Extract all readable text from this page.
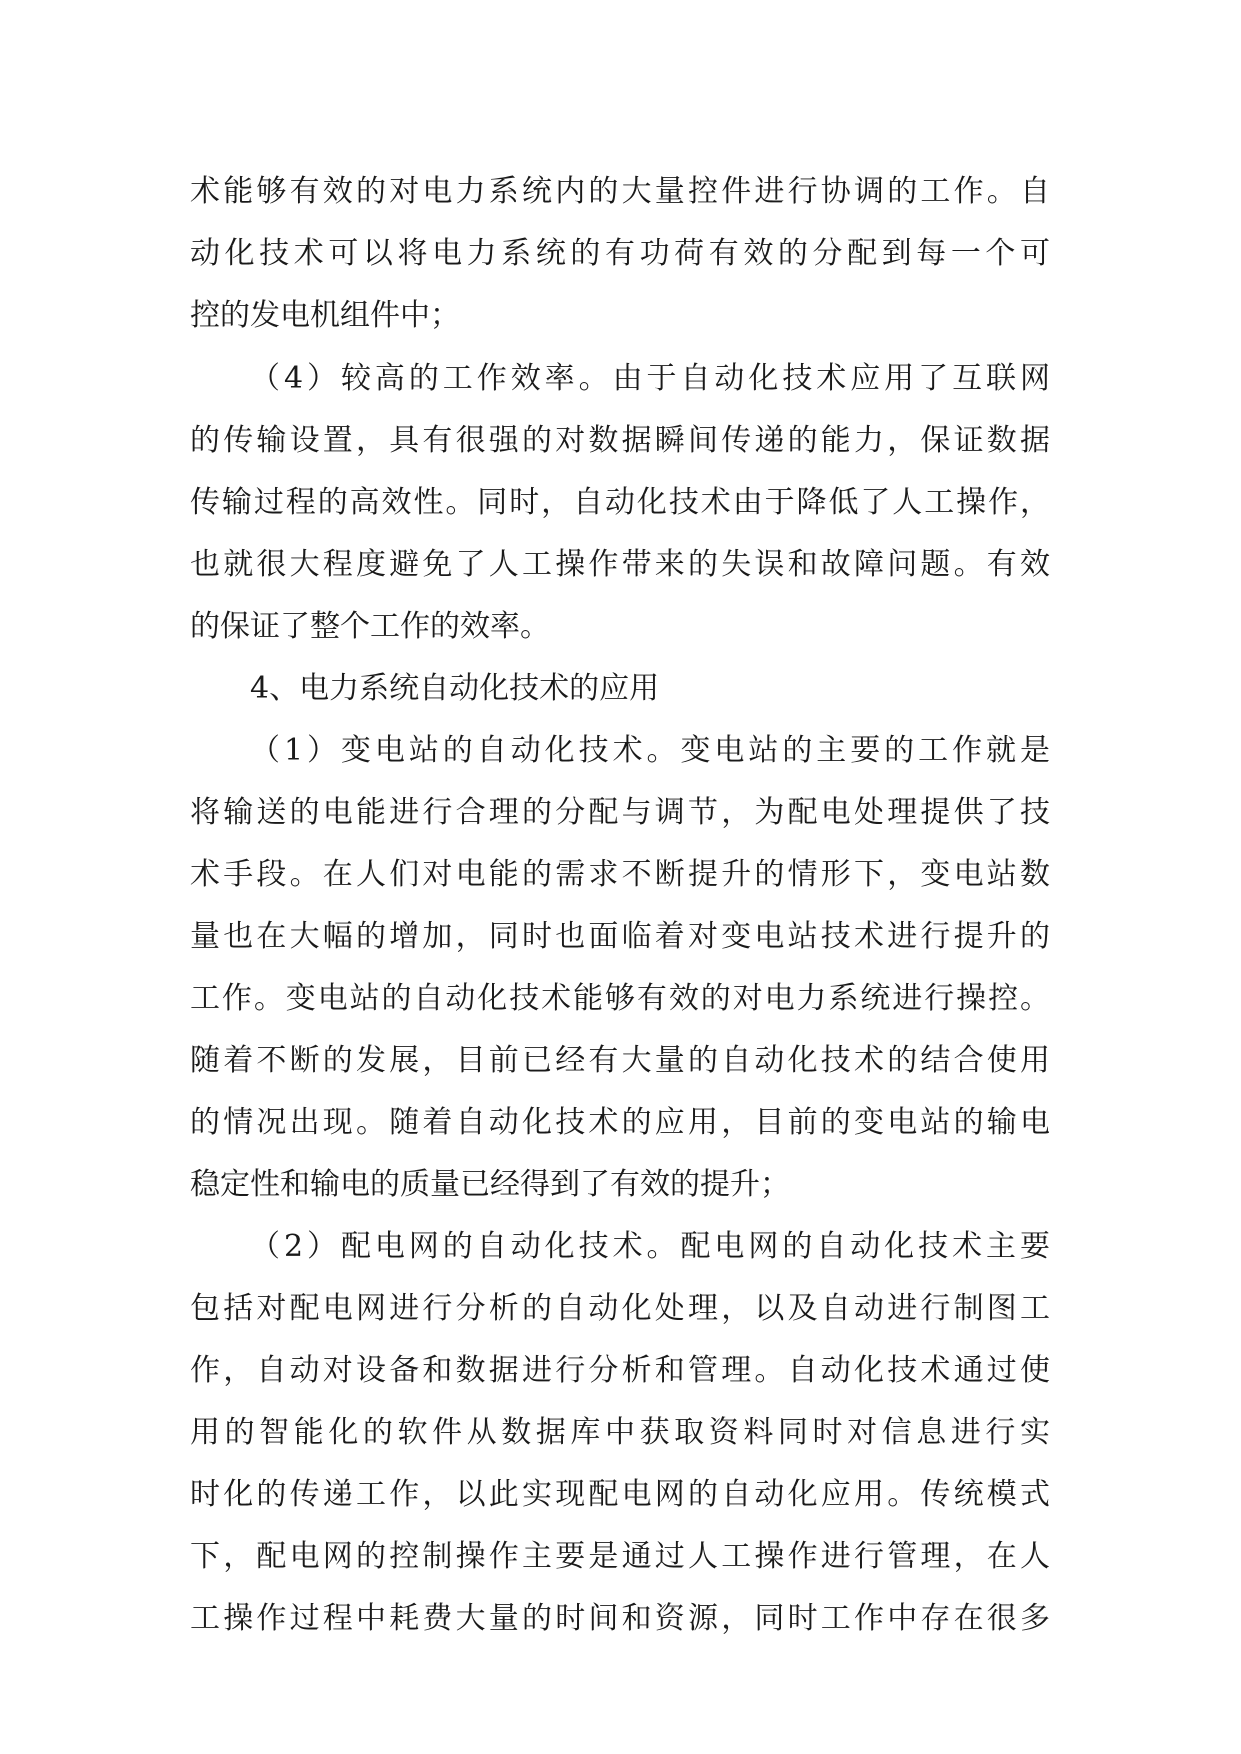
术能够有效的对电力系统内的大量控件进行协调的工作。自
动化技术可以将电力系统的有功荷有效的分配到每一个可
控的发电机组件中；
（4）较高的工作效率。由于自动化技术应用了互联网
的传输设置，具有很强的对数据瞬间传递的能力，保证数据
传输过程的高效性。同时，自动化技术由于降低了人工操作，
也就很大程度避免了人工操作带来的失误和故障问题。有效
的保证了整个工作的效率。
4、电力系统自动化技术的应用
（1）变电站的自动化技术。变电站的主要的工作就是
将输送的电能进行合理的分配与调节，为配电处理提供了技
术手段。在人们对电能的需求不断提升的情形下，变电站数
量也在大幅的增加，同时也面临着对变电站技术进行提升的
工作。变电站的自动化技术能够有效的对电力系统进行操控。
随着不断的发展，目前已经有大量的自动化技术的结合使用
的情况出现。随着自动化技术的应用，目前的变电站的输电
稳定性和输电的质量已经得到了有效的提升；
（2）配电网的自动化技术。配电网的自动化技术主要
包括对配电网进行分析的自动化处理，以及自动进行制图工
作，自动对设备和数据进行分析和管理。自动化技术通过使
用的智能化的软件从数据库中获取资料同时对信息进行实
时化的传递工作，以此实现配电网的自动化应用。传统模式
下，配电网的控制操作主要是通过人工操作进行管理，在人
工操作过程中耗费大量的时间和资源，同时工作中存在很多
